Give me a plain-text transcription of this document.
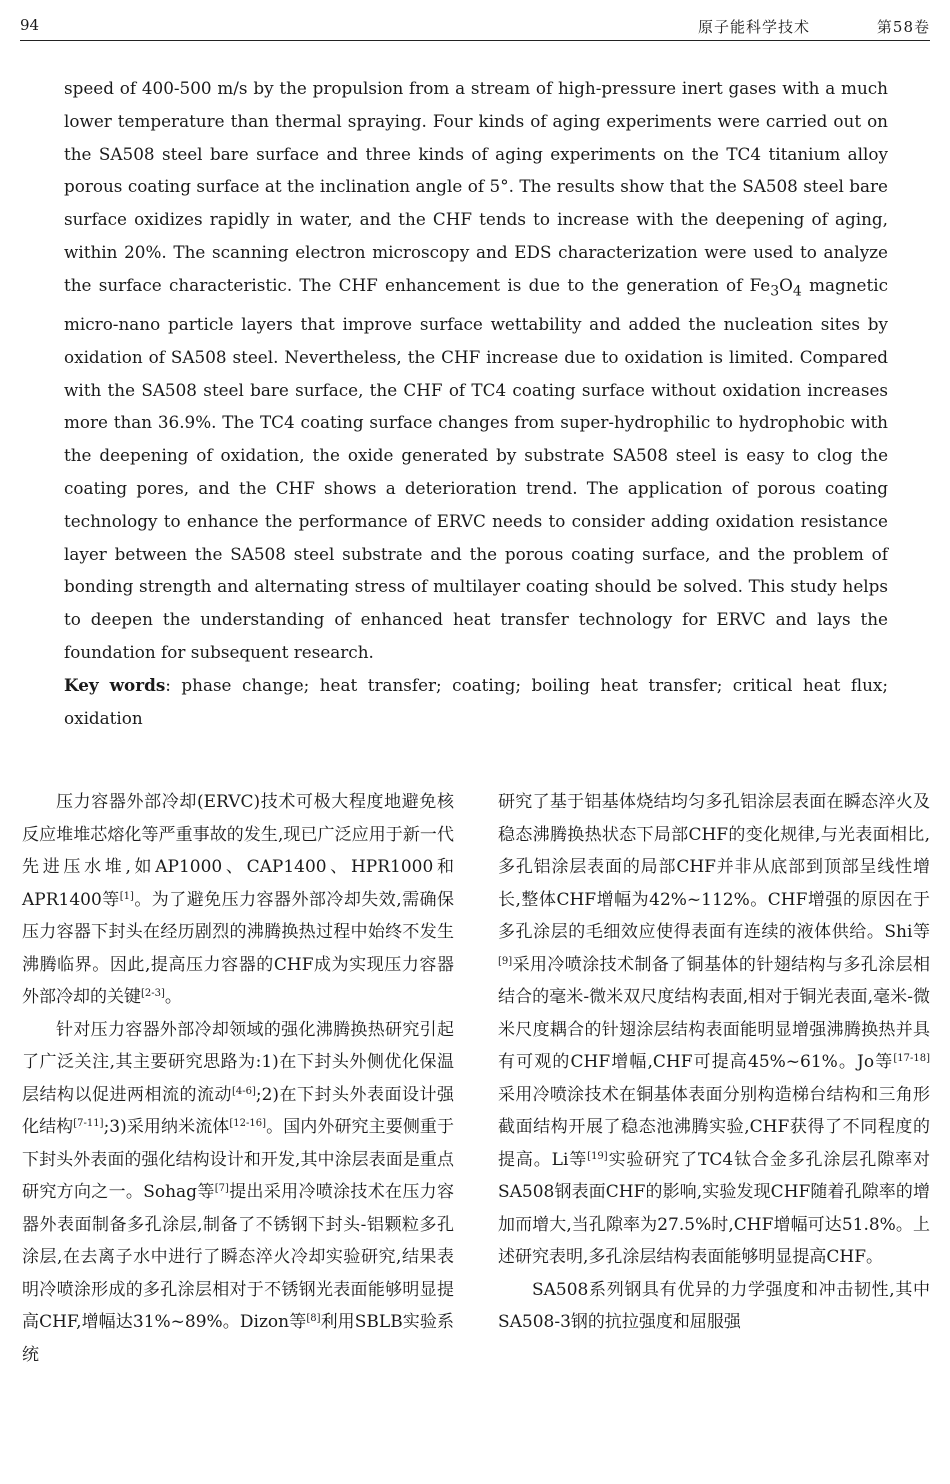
94	原子能科学技术	第58卷

speed of 400-500 m/s by the propulsion from a stream of high-pressure inert gases with a much lower temperature than thermal spraying. Four kinds of aging experiments were carried out on the SA508 steel bare surface and three kinds of aging experiments on the TC4 titanium alloy porous coating surface at the inclination angle of 5°. The results show that the SA508 steel bare surface oxidizes rapidly in water, and the CHF tends to increase with the deepening of aging, within 20%. The scanning electron microscopy and EDS characterization were used to analyze the surface characteristic. The CHF enhancement is due to the generation of $Fe_3O_4$ magnetic micro-nano particle layers that improve surface wettability and added the nucleation sites by oxidation of SA508 steel. Nevertheless, the CHF increase due to oxidation is limited. Compared with the SA508 steel bare surface, the CHF of TC4 coating surface without oxidation increases more than 36.9%. The TC4 coating surface changes from super-hydrophilic to hydrophobic with the deepening of oxidation, the oxide generated by substrate SA508 steel is easy to clog the coating pores, and the CHF shows a deterioration trend. The application of porous coating technology to enhance the performance of ERVC needs to consider adding oxidation resistance layer between the SA508 steel substrate and the porous coating surface, and the problem of bonding strength and alternating stress of multilayer coating should be solved. This study helps to deepen the understanding of enhanced heat transfer technology for ERVC and lays the foundation for subsequent research.

Key words: phase change; heat transfer; coating; boiling heat transfer; critical heat flux; oxidation

压力容器外部冷却(ERVC)技术可极大程度地避免核反应堆堆芯熔化等严重事故的发生,现已广泛应用于新一代先进压水堆,如AP1000、CAP1400、HPR1000和APR1400等[1]。为了避免压力容器外部冷却失效,需确保压力容器下封头在经历剧烈的沸腾换热过程中始终不发生沸腾临界。因此,提高压力容器的CHF成为实现压力容器外部冷却的关键[2-3]。

针对压力容器外部冷却领域的强化沸腾换热研究引起了广泛关注,其主要研究思路为:1)在下封头外侧优化保温层结构以促进两相流的流动[4-6];2)在下封头外表面设计强化结构[7-11];3)采用纳米流体[12-16]。国内外研究主要侧重于下封头外表面的强化结构设计和开发,其中涂层表面是重点研究方向之一。Sohag等[7]提出采用冷喷涂技术在压力容器外表面制备多孔涂层,制备了不锈钢下封头-铝颗粒多孔涂层,在去离子水中进行了瞬态淬火冷却实验研究,结果表明冷喷涂形成的多孔涂层相对于不锈钢光表面能够明显提高CHF,增幅达31%~89%。Dizon等[8]利用SBLB实验系统

研究了基于铝基体烧结均匀多孔铝涂层表面在瞬态淬火及稳态沸腾换热状态下局部CHF的变化规律,与光表面相比,多孔铝涂层表面的局部CHF并非从底部到顶部呈线性增长,整体CHF增幅为42%~112%。CHF增强的原因在于多孔涂层的毛细效应使得表面有连续的液体供给。Shi等[9]采用冷喷涂技术制备了铜基体的针翅结构与多孔涂层相结合的毫米-微米双尺度结构表面,相对于铜光表面,毫米-微米尺度耦合的针翅涂层结构表面能明显增强沸腾换热并具有可观的CHF增幅,CHF可提高45%~61%。Jo等[17-18]采用冷喷涂技术在铜基体表面分别构造梯台结构和三角形截面结构开展了稳态池沸腾实验,CHF获得了不同程度的提高。Li等[19]实验研究了TC4钛合金多孔涂层孔隙率对SA508钢表面CHF的影响,实验发现CHF随着孔隙率的增加而增大,当孔隙率为27.5%时,CHF增幅可达51.8%。上述研究表明,多孔涂层结构表面能够明显提高CHF。

SA508系列钢具有优异的力学强度和冲击韧性,其中SA508-3钢的抗拉强度和屈服强
